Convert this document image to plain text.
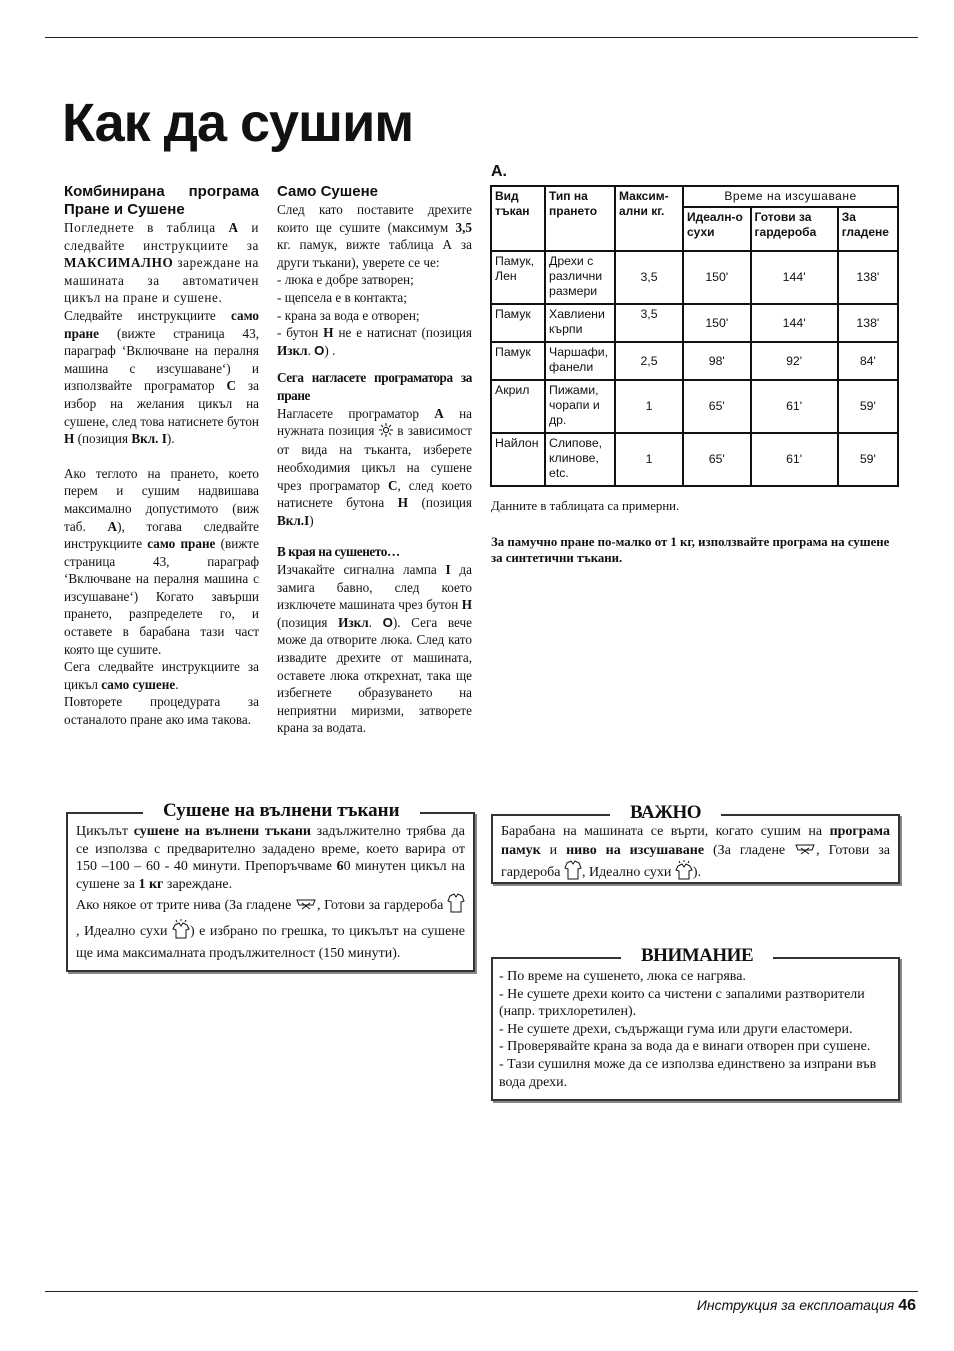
Как да сушим
Комбинирана програма Пране и Сушене

Погледнете в таблица А и следвайте инструкциите за МАКСИМАЛНО зареждане на машината за автоматичен цикъл на пране и сушене.

Следвайте инструкциите само пране (вижте страница 43, параграф ‘Включване на пералня машина с изсушаване‘) и използвайте програматор С за избор на желания цикъл на сушене, след това натиснете бутон Н (позиция Вкл. I).

Ако теглото на прането, което перем и сушим надвишава максимално допустимото (виж таб. А), тогава следвайте инструкциите само пране (вижте страница 43, параграф ‘Включване на пералня машина с изсушаване‘) Когато завърши прането, разпределете го, и оставете в барабана тази част която ще сушите.

Сега следвайте инструкциите за цикъл само сушене.

Повторете процедурата за останалото пране ако има такова.

Само Сушене

След като поставите дрехите които ще сушите (максимум 3,5 кг. памук, вижте таблица А за други тъкани), уверете се че:

- люка е добре затворен;

- щепсела е в контакта;

- крана за вода е отворен;

- бутон Н не е натиснат (позиция Изкл. O) .

Сега нагласете програматора за пране

Нагласете програматор А на нужната позиция  в зависимост от вида на тъканта, изберете необходимия цикъл на сушене чрез програматор С, след което натиснете бутона Н (позиция Вкл.I)

В края на сушенето…

Изчакайте сигнална лампа I да замига бавно, след което изключете машината чрез бутон Н (позиция Изкл. O). Сега вече може да отворите люка. След като извадите дрехите от машината, оставете люка открехнат, така ще избегнете образуването на неприятни миризми, затворете крана за водата.

A.
Вид тъкан	Тип на прането	Максим-ални кг.	Време на изсушаване		
			Идеалн-о сухи	Готови за гардероба	За гладене
Памук, Лен	Дрехи с различни размери	3,5	150'	144'	138'
Памук	Хавлиени кърпи	3,5	150'	144'	138'
Памук	Чаршафи, фанели	2,5	98'	92'	84'
Акрил	Пижами, чорапи и др.	1	65'	61'	59'
Найлон	Слипове, клинове, etc.	1	65'	61'	59'
Данните в таблицата са примерни.
За памучно пране по-малко от 1 кг, използвайте програма на сушене за синтетични тъкани.
Сушене на вълнени тъкани

Цикълът сушене на вълнени тъкани задължително трябва да се използва с предварително зададено време, което варира от 150 –100 – 60 - 40 минути. Препоръчваме 60 минутен цикъл на сушене за 1 кг зареждане.

Ако някое от трите нива (За гладене , Готови за гардероба , Идеално сухи ) е избрано по грешка, то цикълът на сушене ще има максималната продължителност (150 минути).

ВАЖНО

Барабана на машината се върти, когато сушим на програма памук и ниво на изсушаване (За гладене , Готови за гардероба , Идеално сухи ).

ВНИМАНИЕ

- По време на сушенето, люка се нагрява.

- Не сушете дрехи които са чистени с запалими разтворители (напр. трихлоретилен).

- Не сушете дрехи, съдържащи гума или други еластомери.

- Проверявайте крана за вода да е винаги отворен при сушене.

- Тази сушилня може да се използва единствено за изпрани във вода дрехи.

Инструкция за експлоатация 46
